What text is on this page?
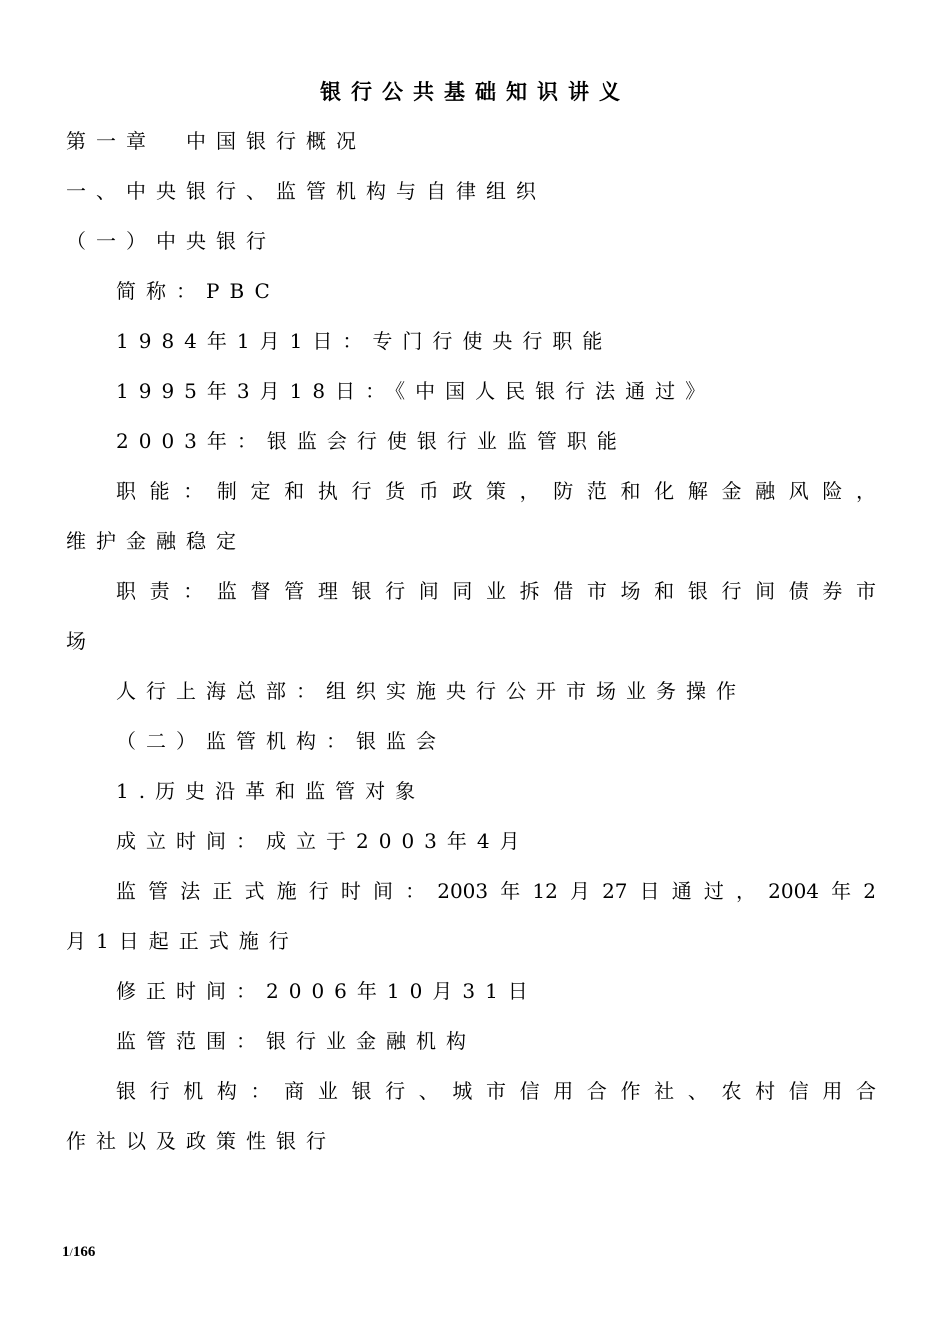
银行公共基础知识讲义
第一章　中国银行概况
一、中央银行、监管机构与自律组织
（一）中央银行
简称：PBC
1984年1月1日：专门行使央行职能
1995年3月18日：《中国人民银行法通过》
2003年：银监会行使银行业监管职能
职能：制定和执行货币政策，防范和化解金融风险，
维护金融稳定
职责：监督管理银行间同业拆借市场和银行间债券市
场
人行上海总部：组织实施央行公开市场业务操作
（二）监管机构：银监会
1.历史沿革和监管对象
成立时间：成立于2003年4月
监管法正式施行时间：2003年12月27日通过，2004年2
月1日起正式施行
修正时间：2006年10月31日
监管范围：银行业金融机构
银行机构：商业银行、城市信用合作社、农村信用合
作社以及政策性银行
1/166
